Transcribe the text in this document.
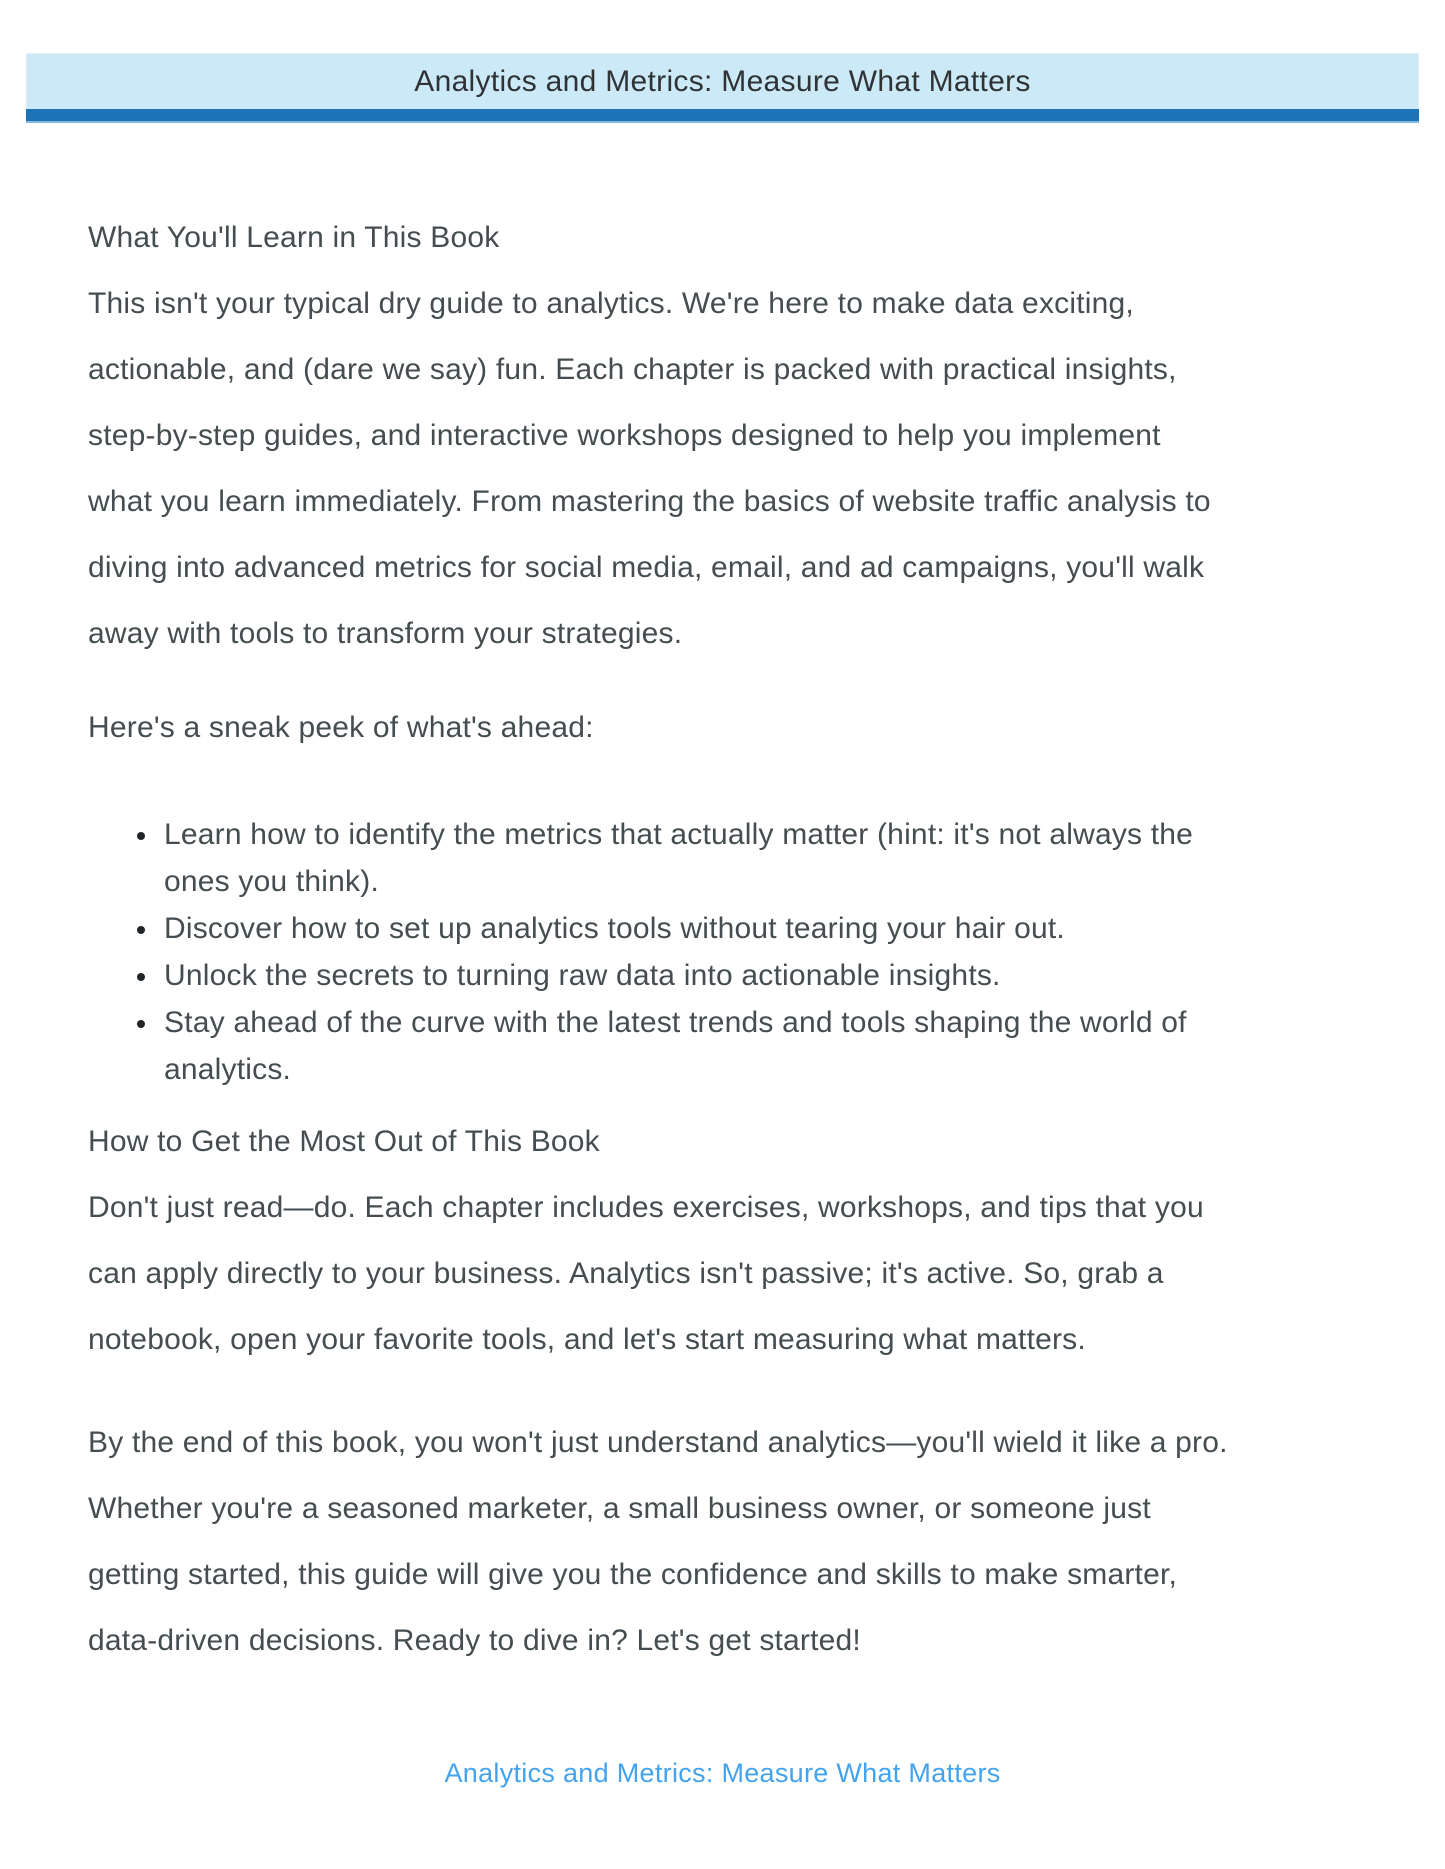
Analytics and Metrics: Measure What Matters
What You'll Learn in This Book

This isn't your typical dry guide to analytics. We're here to make data exciting,
actionable, and (dare we say) fun. Each chapter is packed with practical insights,
step-by-step guides, and interactive workshops designed to help you implement
what you learn immediately. From mastering the basics of website traffic analysis to
diving into advanced metrics for social media, email, and ad campaigns, you'll walk
away with tools to transform your strategies.

Here's a sneak peek of what's ahead:

• Learn how to identify the metrics that actually matter (hint: it's not always the
ones you think).
• Discover how to set up analytics tools without tearing your hair out.
• Unlock the secrets to turning raw data into actionable insights.
• Stay ahead of the curve with the latest trends and tools shaping the world of
analytics.
How to Get the Most Out of This Book

Don't just read—do. Each chapter includes exercises, workshops, and tips that you
can apply directly to your business. Analytics isn't passive; it's active. So, grab a
notebook, open your favorite tools, and let's start measuring what matters.

By the end of this book, you won't just understand analytics—you'll wield it like a pro.
Whether you're a seasoned marketer, a small business owner, or someone just
getting started, this guide will give you the confidence and skills to make smarter,
data-driven decisions. Ready to dive in? Let's get started!

Analytics and Metrics: Measure What Matters
